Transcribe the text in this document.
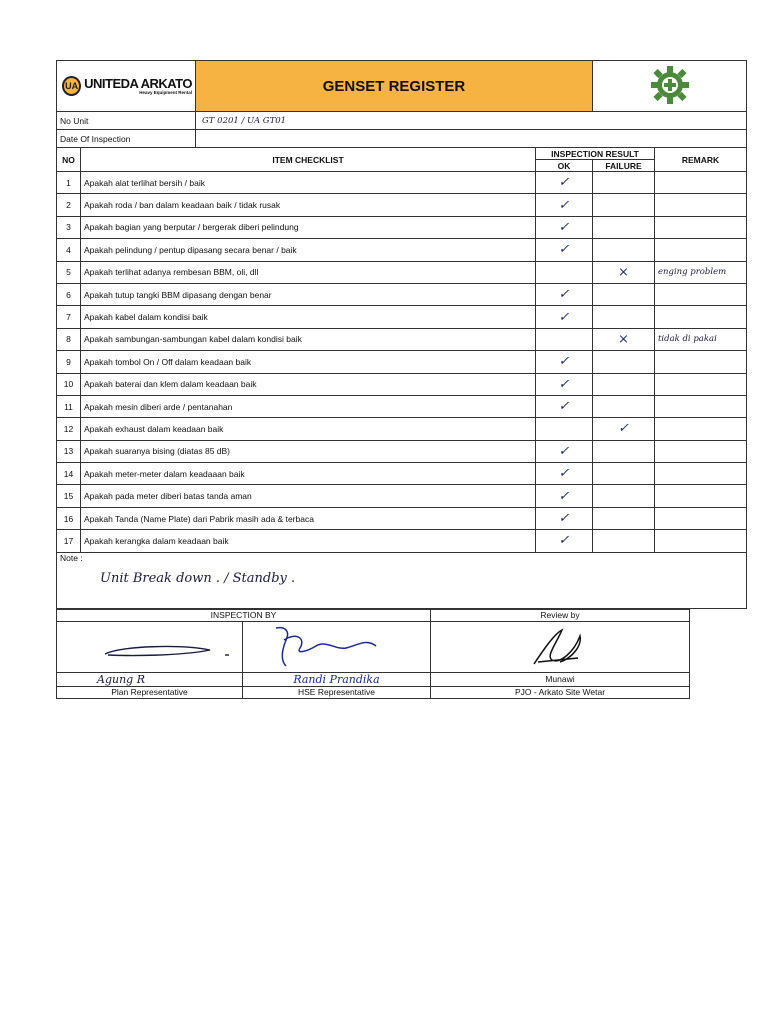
UA UNITEDA ARKATO
Heavy Equipment Rental		GENSET REGISTER	
No Unit		GT 0201 / UA GT01			
Date Of Inspection					
NO	ITEM CHECKLIST		INSPECTION RESULT		REMARK
			OK	FAILURE	
1	Apakah alat terlihat bersih / baik		✓		
2	Apakah roda / ban dalam keadaan baik / tidak rusak		✓		
3	Apakah bagian yang berputar / bergerak diberi pelindung		✓		
4	Apakah pelindung / pentup dipasang secara benar / baik		✓		
5	Apakah terlihat adanya rembesan BBM, oli, dll			×	enging problem
6	Apakah tutup tangki BBM dipasang dengan benar		✓		
7	Apakah kabel dalam kondisi baik		✓		
8	Apakah sambungan-sambungan kabel dalam kondisi baik			×	tidak di pakai
9	Apakah tombol On / Off dalam keadaan baik		✓		
10	Apakah baterai dan klem dalam keadaan baik		✓		
11	Apakah mesin diberi arde / pentanahan		✓		
12	Apakah exhaust dalam keadaan baik			✓	
13	Apakah suaranya bising (diatas 85 dB)		✓		
14	Apakah meter-meter dalam keadaaan baik		✓		
15	Apakah pada meter diberi batas tanda aman		✓		
16	Apakah Tanda (Name Plate) dari Pabrik masih ada & terbaca		✓		
17	Apakah kerangka dalam keadaan baik		✓		

Note :
Unit Break down . / Standby .					
INSPECTION BY		Review by

Agung R	Randi Prandika	Munawi
Plan Representative	HSE Representative	PJO - Arkato Site Wetar
